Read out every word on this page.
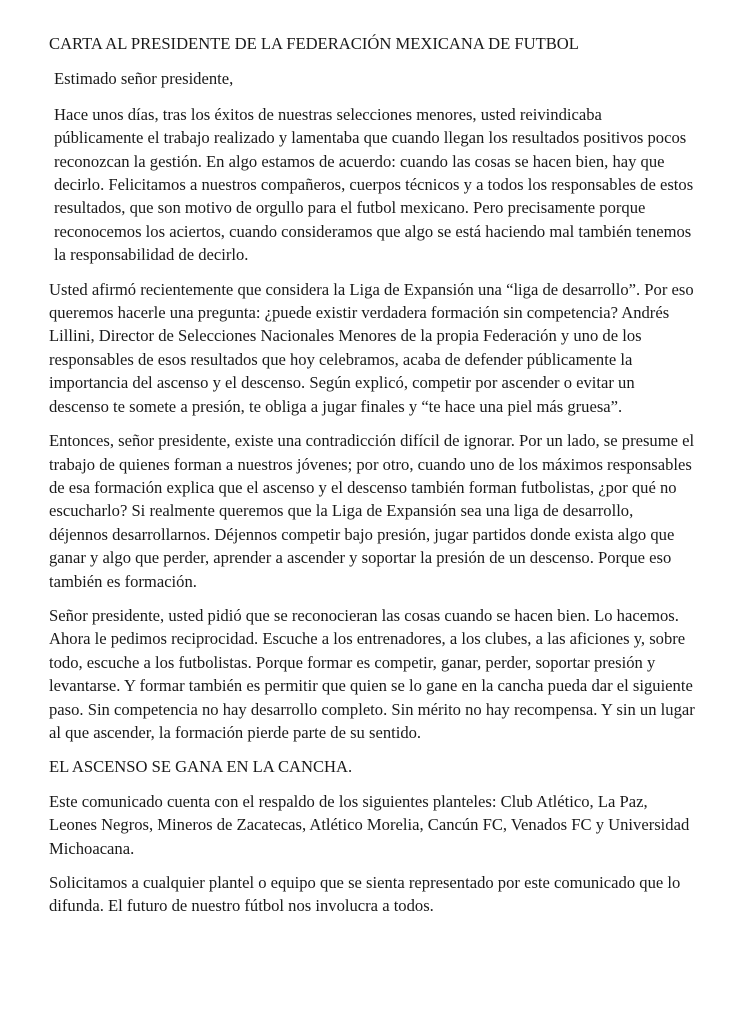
CARTA AL PRESIDENTE DE LA FEDERACIÓN MEXICANA DE FUTBOL
Estimado señor presidente,
Hace unos días, tras los éxitos de nuestras selecciones menores, usted reivindicaba públicamente el trabajo realizado y lamentaba que cuando llegan los resultados positivos pocos reconozcan la gestión. En algo estamos de acuerdo: cuando las cosas se hacen bien, hay que decirlo. Felicitamos a nuestros compañeros, cuerpos técnicos y a todos los responsables de estos resultados, que son motivo de orgullo para el futbol mexicano. Pero precisamente porque reconocemos los aciertos, cuando consideramos que algo se está haciendo mal también tenemos la responsabilidad de decirlo.
Usted afirmó recientemente que considera la Liga de Expansión una “liga de desarrollo”. Por eso queremos hacerle una pregunta: ¿puede existir verdadera formación sin competencia? Andrés Lillini, Director de Selecciones Nacionales Menores de la propia Federación y uno de los responsables de esos resultados que hoy celebramos, acaba de defender públicamente la importancia del ascenso y el descenso. Según explicó, competir por ascender o evitar un descenso te somete a presión, te obliga a jugar finales y “te hace una piel más gruesa”.
Entonces, señor presidente, existe una contradicción difícil de ignorar. Por un lado, se presume el trabajo de quienes forman a nuestros jóvenes; por otro, cuando uno de los máximos responsables de esa formación explica que el ascenso y el descenso también forman futbolistas, ¿por qué no escucharlo? Si realmente queremos que la Liga de Expansión sea una liga de desarrollo, déjennos desarrollarnos. Déjennos competir bajo presión, jugar partidos donde exista algo que ganar y algo que perder, aprender a ascender y soportar la presión de un descenso. Porque eso también es formación.
Señor presidente, usted pidió que se reconocieran las cosas cuando se hacen bien. Lo hacemos. Ahora le pedimos reciprocidad. Escuche a los entrenadores, a los clubes, a las aficiones y, sobre todo, escuche a los futbolistas. Porque formar es competir, ganar, perder, soportar presión y levantarse. Y formar también es permitir que quien se lo gane en la cancha pueda dar el siguiente paso. Sin competencia no hay desarrollo completo. Sin mérito no hay recompensa. Y sin un lugar al que ascender, la formación pierde parte de su sentido.
EL ASCENSO SE GANA EN LA CANCHA.
Este comunicado cuenta con el respaldo de los siguientes planteles: Club Atlético, La Paz, Leones Negros, Mineros de Zacatecas, Atlético Morelia, Cancún FC, Venados FC y Universidad Michoacana.
Solicitamos a cualquier plantel o equipo que se sienta representado por este comunicado que lo difunda. El futuro de nuestro fútbol nos involucra a todos.
